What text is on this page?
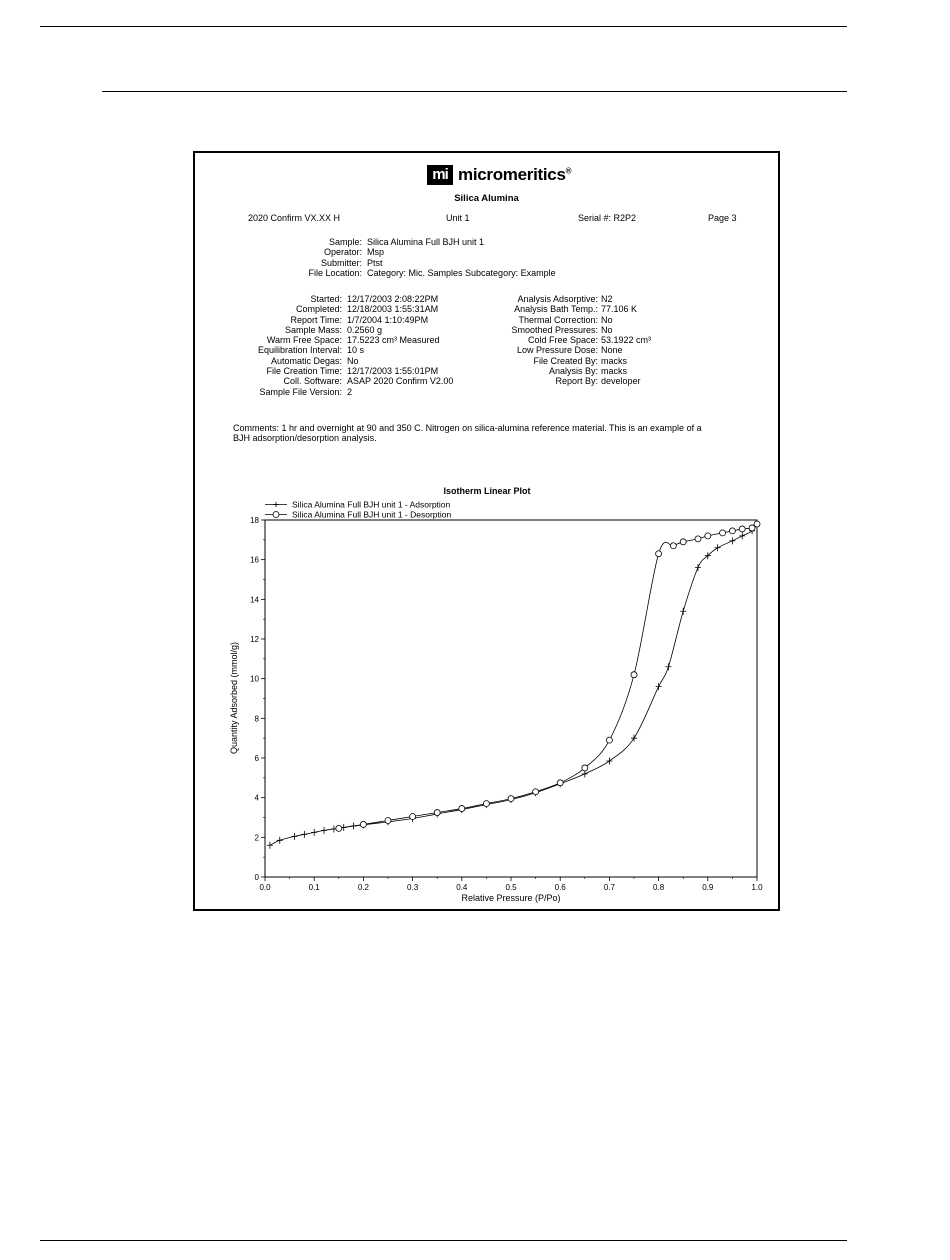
mi micromeritics®
Silica Alumina
2020 Confirm VX.XX H	Unit 1	Serial #: R2P2	Page 3
Sample: Silica Alumina Full BJH unit 1
Operator: Msp
Submitter: Ptst
File Location: Category: Mic. Samples Subcategory: Example
Started: 12/17/2003 2:08:22PM
Completed: 12/18/2003 1:55:31AM
Report Time: 1/7/2004 1:10:49PM
Sample Mass: 0.2560 g
Warm Free Space: 17.5223 cm³ Measured
Equilibration Interval: 10 s
Automatic Degas: No
File Creation Time: 12/17/2003 1:55:01PM
Coll. Software: ASAP 2020 Confirm V2.00
Sample File Version: 2
Analysis Adsorptive: N2
Analysis Bath Temp.: 77.106 K
Thermal Correction: No
Smoothed Pressures: No
Cold Free Space: 53.1922 cm³
Low Pressure Dose: None
File Created By: macks
Analysis By: macks
Report By: developer
Comments: 1 hr and overnight at 90 and 350 C. Nitrogen on silica-alumina reference material. This is an example of a
BJH adsorption/desorption analysis.
Isotherm Linear Plot
Silica Alumina Full BJH unit 1 - Adsorption
Silica Alumina Full BJH unit 1 - Desorption
0.0	0.1	0.2	0.3	0.4	0.5	0.6	0.7	0.8	0.9	1.0
0
2
4
6
8
10
12
14
16
18
Relative Pressure (P/Po)
Quantity Adsorbed (mmol/g)
